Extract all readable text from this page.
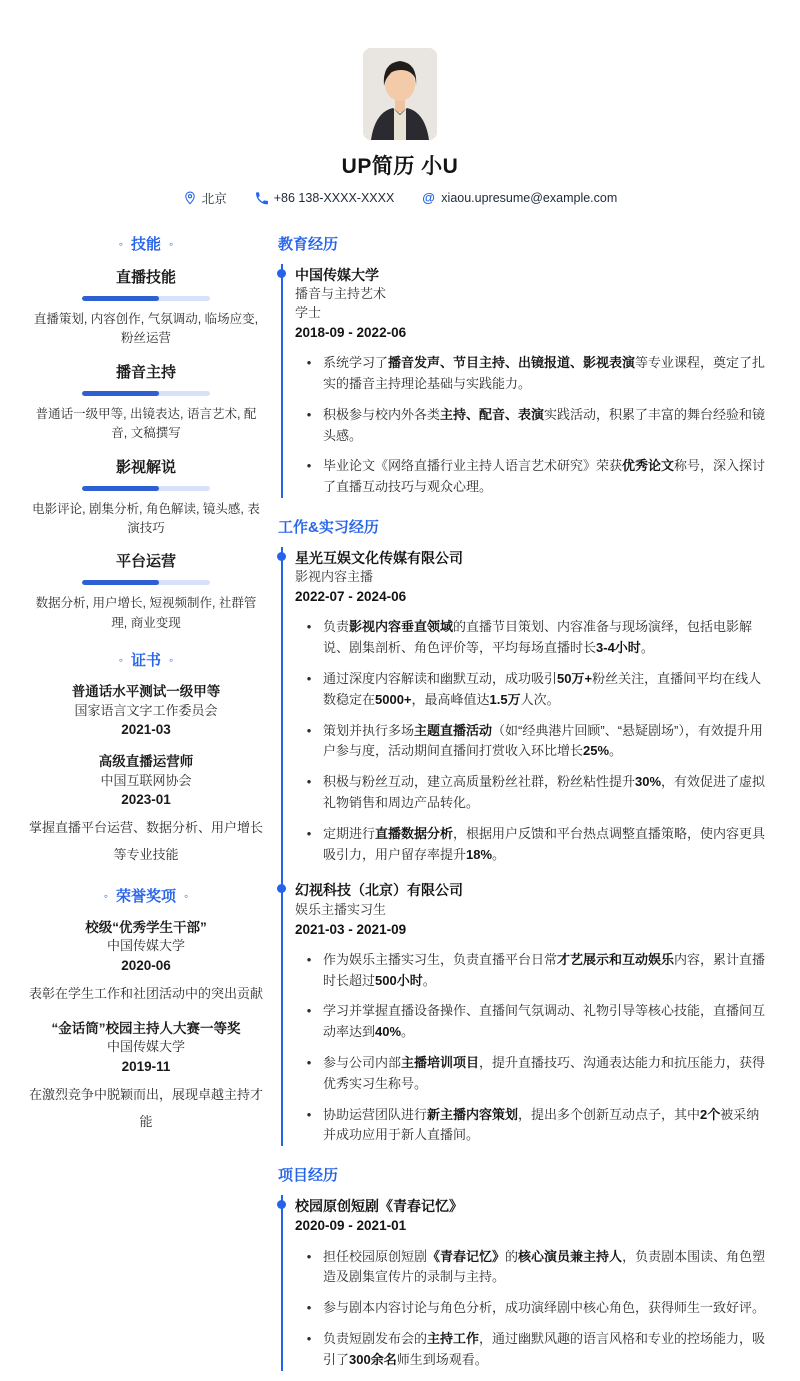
UP简历 小U
北京	+86 138-XXXX-XXXX @ xiaou.upresume@example.com
◦ 技能 ◦
直播技能
直播策划, 内容创作, 气氛调动, 临场应变, 粉丝运营
播音主持
普通话一级甲等, 出镜表达, 语言艺术, 配音, 文稿撰写
影视解说
电影评论, 剧集分析, 角色解读, 镜头感, 表演技巧
平台运营
数据分析, 用户增长, 短视频制作, 社群管理, 商业变现
◦ 证书 ◦
普通话水平测试一级甲等
国家语言文字工作委员会
2021-03
高级直播运营师
中国互联网协会
2023-01
掌握直播平台运营、数据分析、用户增长等专业技能
◦ 荣誉奖项 ◦
校级“优秀学生干部”
中国传媒大学
2020-06
表彰在学生工作和社团活动中的突出贡献
“金话筒”校园主持人大赛一等奖
中国传媒大学
2019-11
在激烈竞争中脱颖而出，展现卓越主持才能
教育经历
中国传媒大学
播音与主持艺术
学士
2018-09 - 2022-06
• 系统学习了播音发声、节目主持、出镜报道、影视表演等专业课程，奠定了扎实的播音主持理论基础与实践能力。
• 积极参与校内外各类主持、配音、表演实践活动，积累了丰富的舞台经验和镜头感。
• 毕业论文《网络直播行业主持人语言艺术研究》荣获优秀论文称号，深入探讨了直播互动技巧与观众心理。
工作&实习经历
星光互娱文化传媒有限公司
影视内容主播
2022-07 - 2024-06
• 负责影视内容垂直领域的直播节目策划、内容准备与现场演绎，包括电影解说、剧集剖析、角色评价等，平均每场直播时长3-4小时。
• 通过深度内容解读和幽默互动，成功吸引50万+粉丝关注，直播间平均在线人数稳定在5000+，最高峰值达1.5万人次。
• 策划并执行多场主题直播活动（如“经典港片回顾”、“悬疑剧场”），有效提升用户参与度，活动期间直播间打赏收入环比增长25%。
• 积极与粉丝互动，建立高质量粉丝社群，粉丝粘性提升30%，有效促进了虚拟礼物销售和周边产品转化。
• 定期进行直播数据分析，根据用户反馈和平台热点调整直播策略，使内容更具吸引力，用户留存率提升18%。
幻视科技（北京）有限公司
娱乐主播实习生
2021-03 - 2021-09
• 作为娱乐主播实习生，负责直播平台日常才艺展示和互动娱乐内容，累计直播时长超过500小时。
• 学习并掌握直播设备操作、直播间气氛调动、礼物引导等核心技能，直播间互动率达到40%。
• 参与公司内部主播培训项目，提升直播技巧、沟通表达能力和抗压能力，获得优秀实习生称号。
• 协助运营团队进行新主播内容策划，提出多个创新互动点子，其中2个被采纳并成功应用于新人直播间。
项目经历
校园原创短剧《青春记忆》
2020-09 - 2021-01
• 担任校园原创短剧《青春记忆》的核心演员兼主持人，负责剧本围读、角色塑造及剧集宣传片的录制与主持。
• 参与剧本内容讨论与角色分析，成功演绎剧中核心角色，获得师生一致好评。
• 负责短剧发布会的主持工作，通过幽默风趣的语言风格和专业的控场能力，吸引了300余名师生到场观看。
